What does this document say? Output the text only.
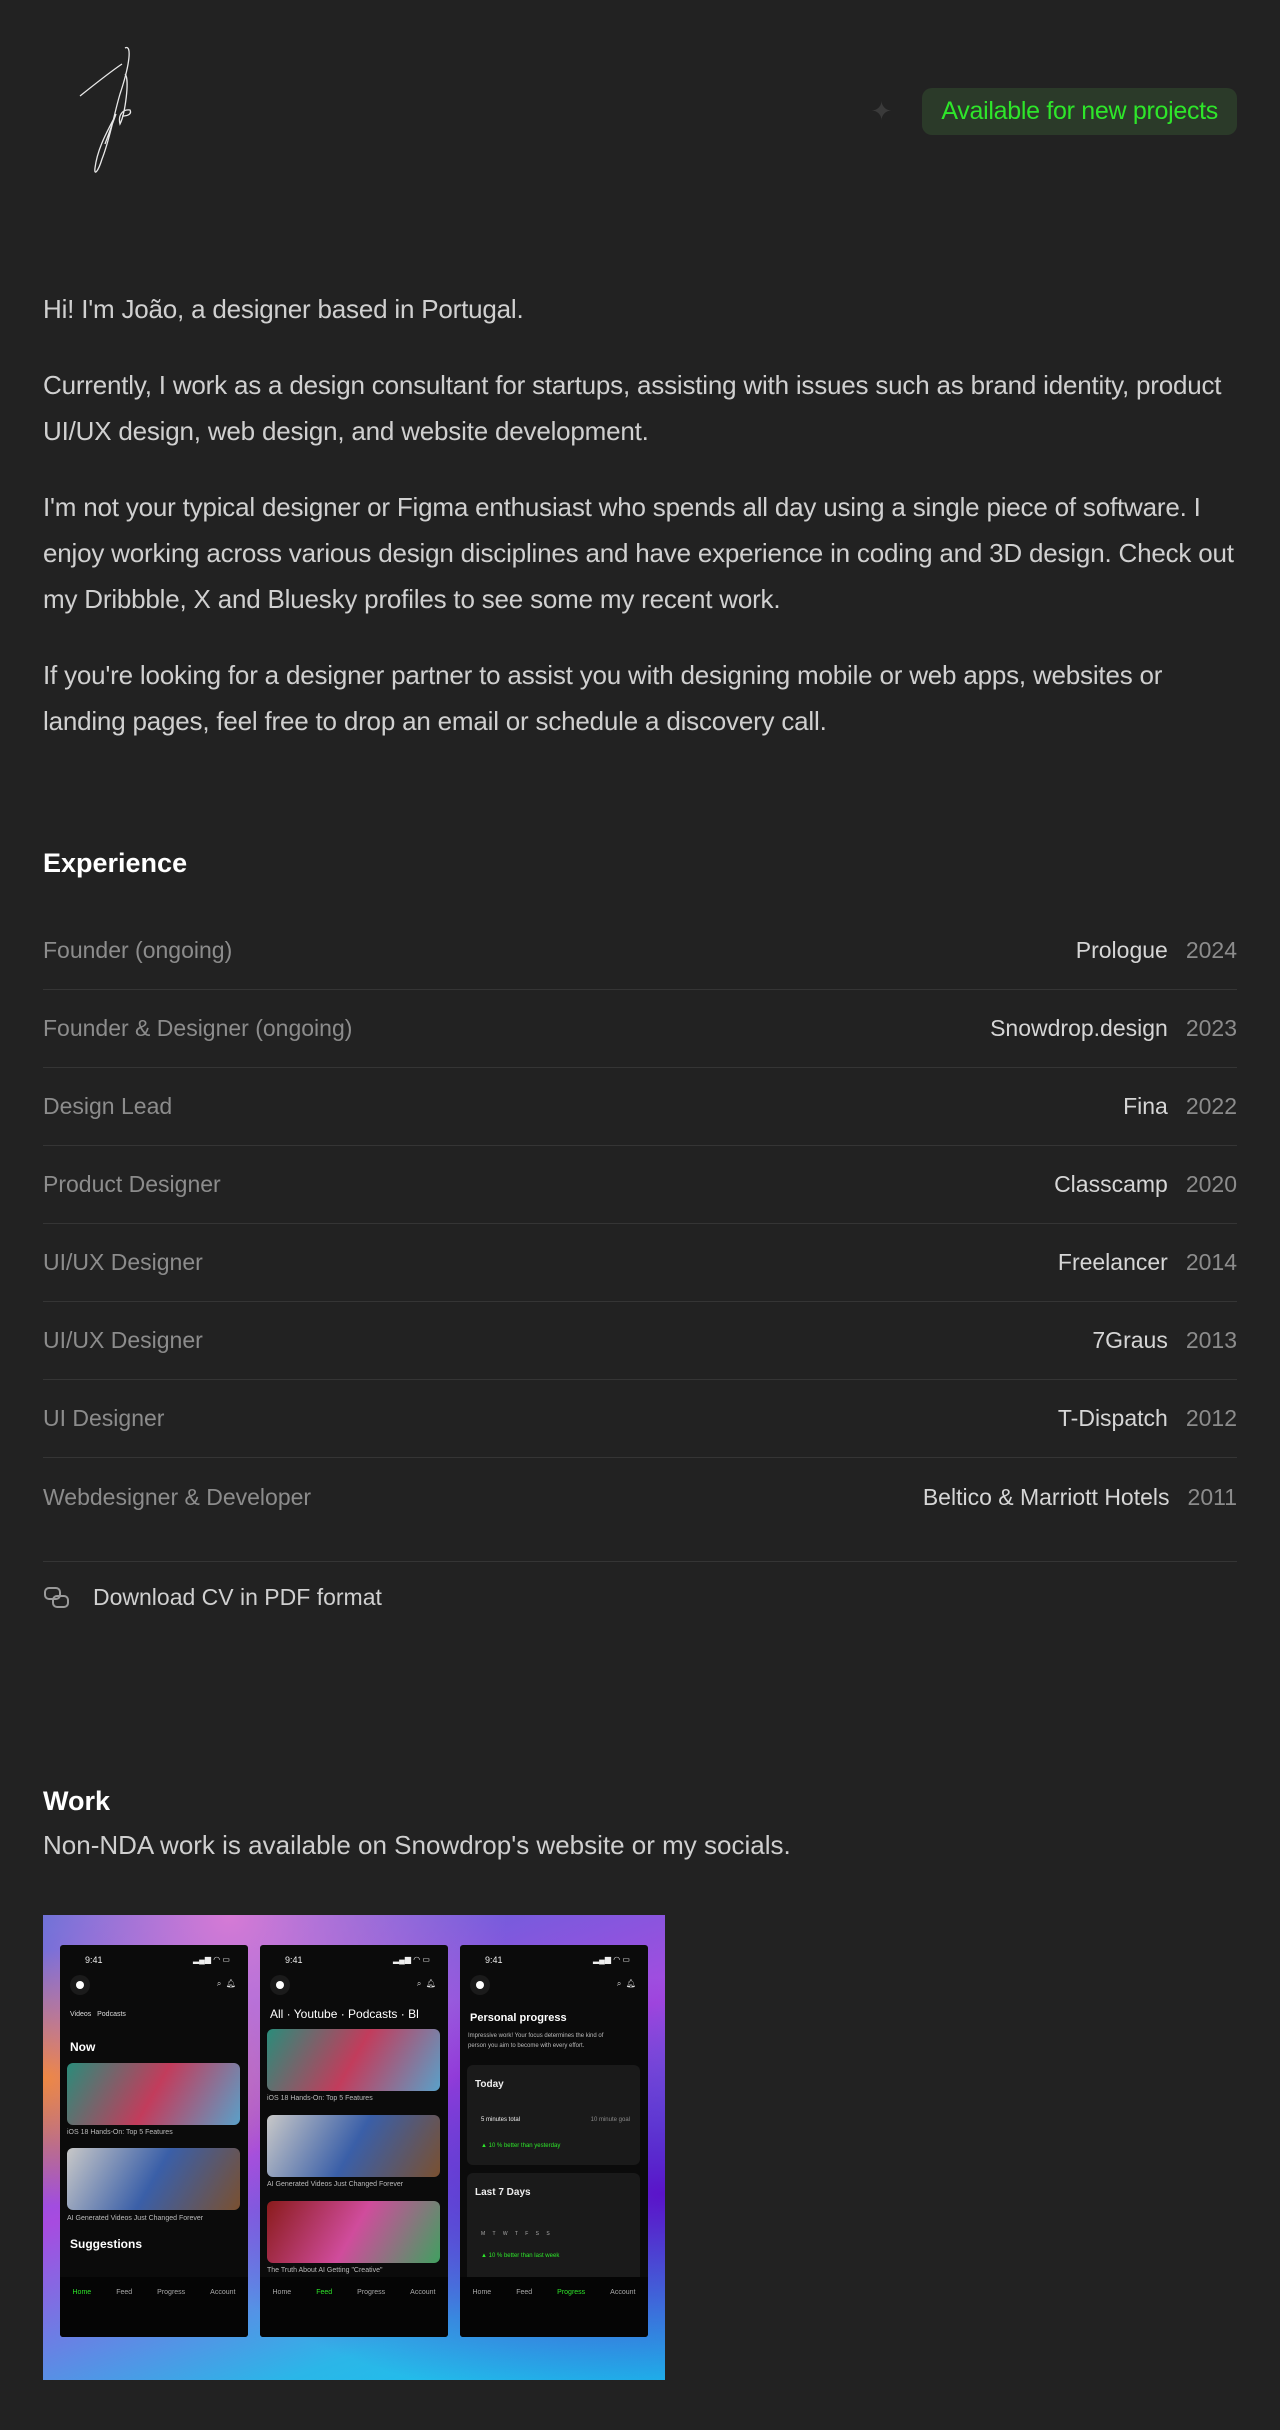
✦	Available for new projects

Hi! I'm João, a designer based in Portugal.

Currently, I work as a design consultant for startups, assisting with issues such as brand identity, product UI/UX design, web design, and website development.

I'm not your typical designer or Figma enthusiast who spends all day using a single piece of software. I enjoy working across various design disciplines and have experience in coding and 3D design. Check out my Dribbble, X and Bluesky profiles to see some my recent work.

If you're looking for a designer partner to assist you with designing mobile or web apps, websites or landing pages, feel free to drop an email or schedule a discovery call.

Experience
Founder (ongoing)	Prologue 2024
Founder & Designer (ongoing)	Snowdrop.design 2023
Design Lead	Fina 2022
Product Designer	Classcamp 2020
UI/UX Designer	Freelancer 2014
UI/UX Designer	7Graus 2013
UI Designer	T-Dispatch 2012
Webdesigner & Developer	Beltico & Marriott Hotels 2011
Download CV in PDF format
Work
Non-NDA work is available on Snowdrop's website or my socials.
9:41	▂▄▆ ◠ ▭
⌕  🔔︎
Videos Podcasts
Now
iOS 18 Hands-On: Top 5 Features
AI Generated Videos Just Changed Forever
Suggestions
Home	Feed	Progress	Account
9:41	▂▄▆ ◠ ▭
⌕  🔔︎
All · Youtube · Podcasts · Bl
iOS 18 Hands-On: Top 5 Features
AI Generated Videos Just Changed Forever
The Truth About AI Getting "Creative"
Home	Feed	Progress	Account
9:41	▂▄▆ ◠ ▭
⌕  🔔︎
Personal progress
Impressive work! Your focus determines the kind of person you aim to become with every effort.
Today
5 minutes total	10 minute goal
▲ 10 % better than yesterday
Last 7 Days
M T W T F S S
▲ 10 % better than last week
Home	Feed	Progress	Account
